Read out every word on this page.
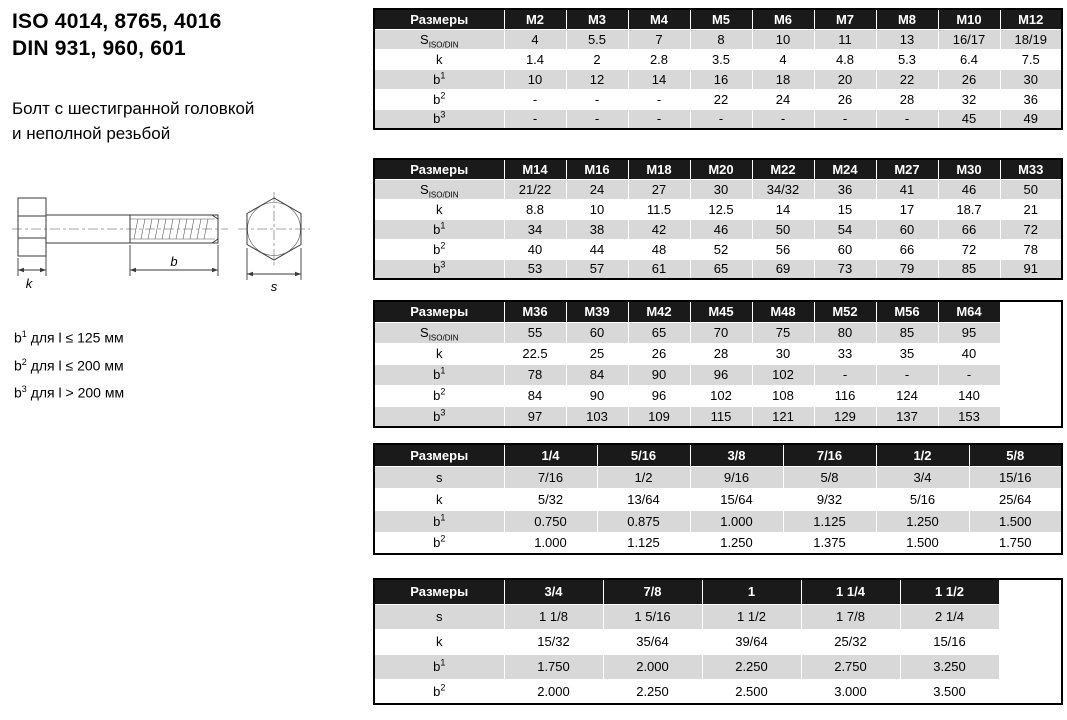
ISO 4014, 8765, 4016
DIN 931, 960, 601
Болт с шестигранной головкой
и неполной резьбой
k
b
s
$b^1$ для l ≤ 125 мм
$b^2$ для l ≤ 200 мм
$b^3$ для l > 200 мм
Размеры	M2	M3	M4	M5	M6	M7	M8	M10	M12
$S_{ISO/DIN}$	4	5.5	7	8	10	11	13	16/17	18/19
k	1.4	2	2.8	3.5	4	4.8	5.3	6.4	7.5
$b^1$	10	12	14	16	18	20	22	26	30
$b^2$	-	-	-	22	24	26	28	32	36
$b^3$	-	-	-	-	-	-	-	45	49
Размеры	M14	M16	M18	M20	M22	M24	M27	M30	M33
$S_{ISO/DIN}$	21/22	24	27	30	34/32	36	41	46	50
k	8.8	10	11.5	12.5	14	15	17	18.7	21
$b^1$	34	38	42	46	50	54	60	66	72
$b^2$	40	44	48	52	56	60	66	72	78
$b^3$	53	57	61	65	69	73	79	85	91
Размеры	M36	M39	M42	M45	M48	M52	M56	M64	
$S_{ISO/DIN}$	55	60	65	70	75	80	85	95	
k	22.5	25	26	28	30	33	35	40	
$b^1$	78	84	90	96	102	-	-	-	
$b^2$	84	90	96	102	108	116	124	140	
$b^3$	97	103	109	115	121	129	137	153	
Размеры	1/4	5/16	3/8	7/16	1/2	5/8
s	7/16	1/2	9/16	5/8	3/4	15/16
k	5/32	13/64	15/64	9/32	5/16	25/64
$b^1$	0.750	0.875	1.000	1.125	1.250	1.500
$b^2$	1.000	1.125	1.250	1.375	1.500	1.750
Размеры	3/4	7/8	1	1 1/4	1 1/2	
s	1 1/8	1 5/16	1 1/2	1 7/8	2 1/4	
k	15/32	35/64	39/64	25/32	15/16	
$b^1$	1.750	2.000	2.250	2.750	3.250	
$b^2$	2.000	2.250	2.500	3.000	3.500	
